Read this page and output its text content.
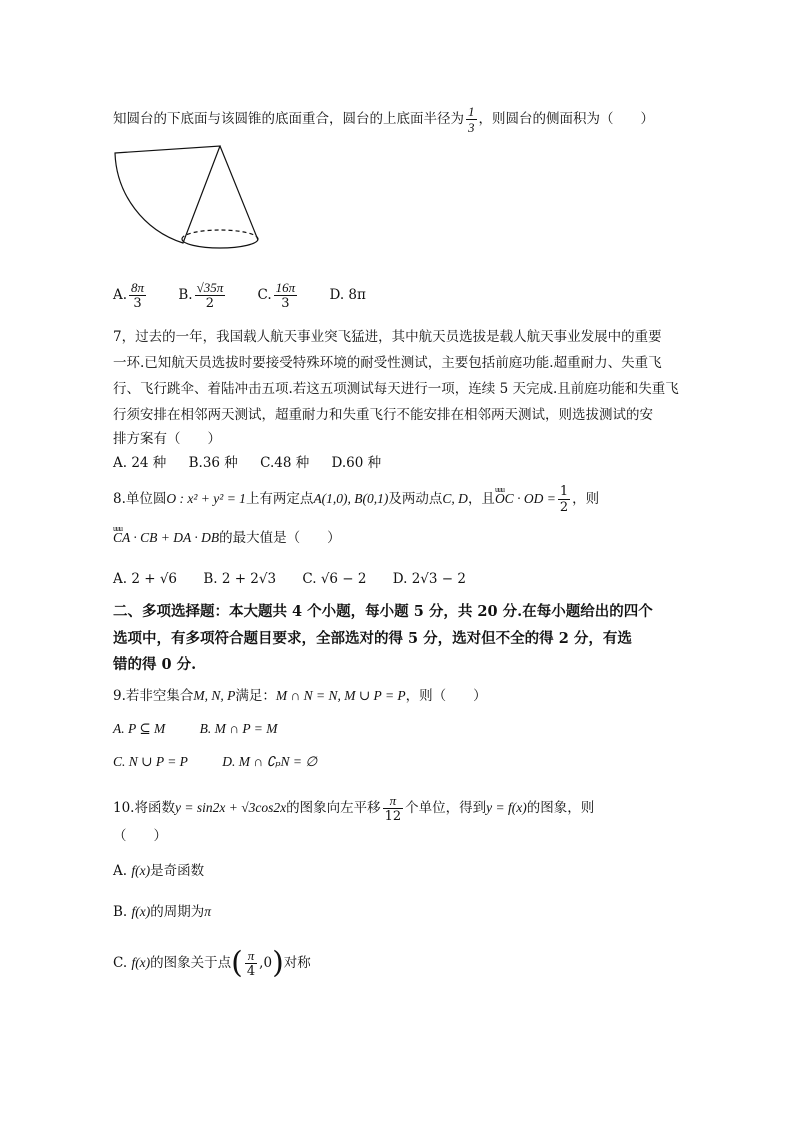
知圆台的下底面与该圆锥的底面重合，圆台的上底面半径为 $\frac{1}{3}$ ，则圆台的侧面积为（　　）
A. $\frac{8\pi}{3} B$. $\frac{√35\pi}{2} C$. $\frac{16\pi}{3} D$. 8π
7，过去的一年，我国载人航天事业突飞猛进，其中航天员选拔是载人航天事业发展中的重要
一环.已知航天员选拔时要接受特殊环境的耐受性测试，主要包括前庭功能.超重耐力、失重飞
行、飞行跳伞、着陆冲击五项.若这五项测试每天进行一项，连续 5 天完成.且前庭功能和失重飞
行须安排在相邻两天测试，超重耐力和失重飞行不能安排在相邻两天测试，则选拔测试的安
排方案有（　　）
A. 24 种 B.36 种 C.48 种 D.60 种
8.单位圆O : x² + y² = 1上有两定点A(1,0), B(0,1)及两动点C, D，且uuu OC · OD = $\frac{1}{2}$ ，则
uuu CA · CB + DA · DB的最大值是（　　）
A. 2 + √6 B. 2 + 2√3 C. √6 − 2 D. 2√3 − 2
二、多项选择题：本大题共 4 个小题，每小题 5 分，共 20 分.在每小题给出的四个
选项中，有多项符合题目要求，全部选对的得 5 分，选对但不全的得 2 分，有选
错的得 0 分.
9.若非空集合M, N, P满足：M ∩ N = N, M ∪ P = P，则（　　）
A. P ⊆ M	B. M ∩ P = M
C. N ∪ P = P	D. M ∩ ∁ₚN = ∅
10.将函数y = sin2x + √3cos2x的图象向左平移 $\frac{\pi}{12}$ 个单位，得到y = f(x)的图象，则
（　　）
A. f(x)是奇函数
B. f(x)的周期为π
C. f(x)的图象关于点( $\frac{\pi}{4} ,0$)对称
